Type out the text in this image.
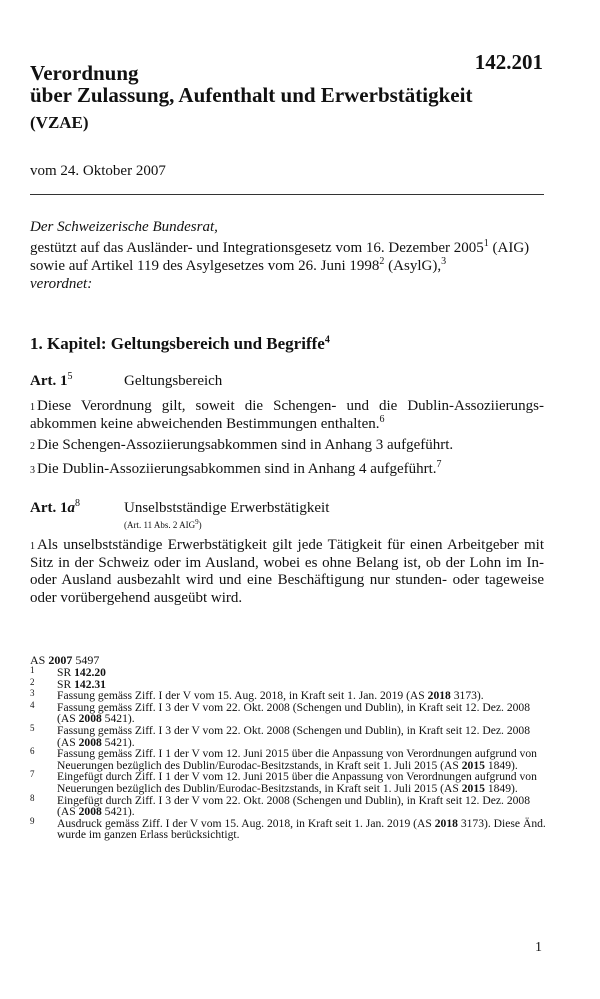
142.201
Verordnung
über Zulassung, Aufenthalt und Erwerbstätigkeit
(VZAE)
vom 24. Oktober 2007

Der Schweizerische Bundesrat,

gestützt auf das Ausländer- und Integrationsgesetz vom 16. Dezember 2005$^1$ (AIG)
sowie auf Artikel 119 des Asylgesetzes vom 26. Juni 1998$^2$ (AsylG),$^3$

verordnet:

1. Kapitel: Geltungsbereich und Begriffe$^4$
Art. $1^5$	Geltungsbereich
$^1$ Diese Verordnung gilt, soweit die Schengen- und die Dublin-Assoziierungs-abkommen keine abweichenden Bestimmungen enthalten.$^6$
$^2$ Die Schengen-Assoziierungsabkommen sind in Anhang 3 aufgeführt.
$^3$ Die Dublin-Assoziierungsabkommen sind in Anhang 4 aufgeführt.$^7$
Art. $1a^8$	Unselbstständige Erwerbstätigkeit
(Art. 11 Abs. 2 AIG$^9$)
$^1$ Als unselbstständige Erwerbstätigkeit gilt jede Tätigkeit für einen Arbeitgeber mit Sitz in der Schweiz oder im Ausland, wobei es ohne Belang ist, ob der Lohn im In- oder Ausland ausbezahlt wird und eine Beschäftigung nur stunden- oder tageweise oder vorübergehend ausgeübt wird.
AS 2007 5497
1	SR 142.20
2	SR 142.31
3	Fassung gemäss Ziff. I der V vom 15. Aug. 2018, in Kraft seit 1. Jan. 2019 (AS 2018 3173).
4	Fassung gemäss Ziff. I 3 der V vom 22. Okt. 2008 (Schengen und Dublin), in Kraft seit 12. Dez. 2008 (AS 2008 5421).
5	Fassung gemäss Ziff. I 3 der V vom 22. Okt. 2008 (Schengen und Dublin), in Kraft seit 12. Dez. 2008 (AS 2008 5421).
6	Fassung gemäss Ziff. I 1 der V vom 12. Juni 2015 über die Anpassung von Verordnungen aufgrund von Neuerungen bezüglich des Dublin/Eurodac-Besitzstands, in Kraft seit 1. Juli 2015 (AS 2015 1849).
7	Eingefügt durch Ziff. I 1 der V vom 12. Juni 2015 über die Anpassung von Verordnungen aufgrund von Neuerungen bezüglich des Dublin/Eurodac-Besitzstands, in Kraft seit 1. Juli 2015 (AS 2015 1849).
8	Eingefügt durch Ziff. I 3 der V vom 22. Okt. 2008 (Schengen und Dublin), in Kraft seit 12. Dez. 2008 (AS 2008 5421).
9	Ausdruck gemäss Ziff. I der V vom 15. Aug. 2018, in Kraft seit 1. Jan. 2019 (AS 2018 3173). Diese Änd. wurde im ganzen Erlass berücksichtigt.
1
